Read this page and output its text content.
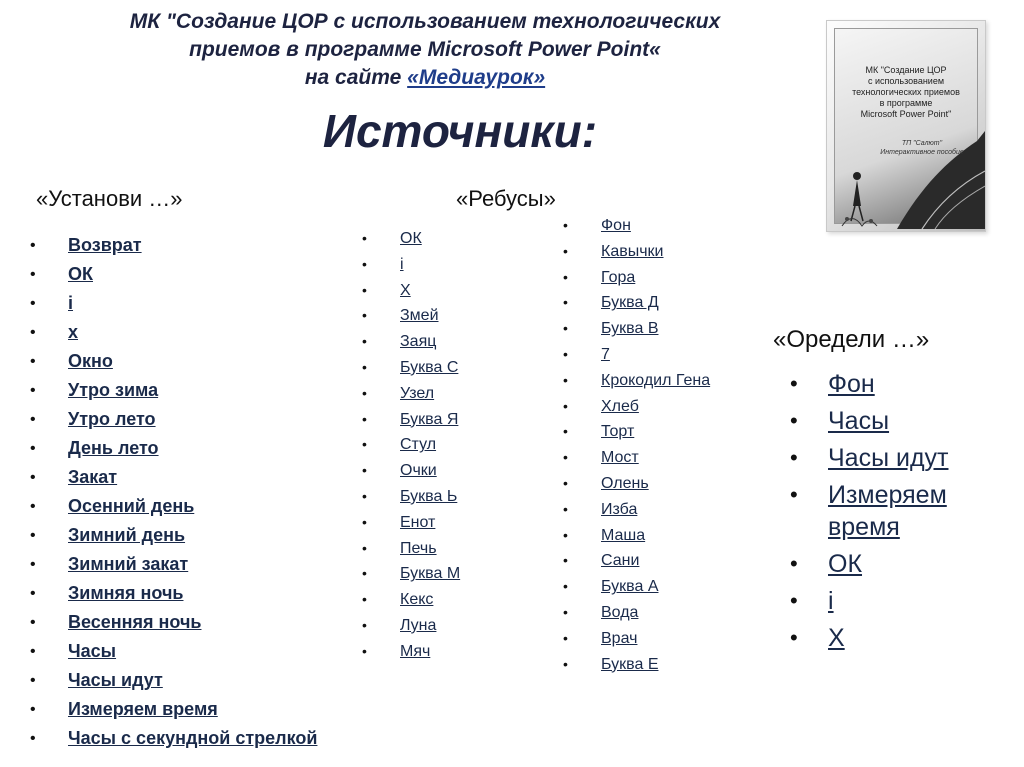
МК "Создание ЦОР с использованием технологических
приемов в программе Microsoft Power Point«
на сайте «Медиаурок»
Источники:
МК "Создание ЦОР
с использованием
технологических приемов
в программе
Microsoft Power Point"
ТП "Салют"
Интерактивное пособие
«Установи …»	«Ребусы»
«Оредели …»
• Возврат
• ОК
• i
• x
• Окно
• Утро зима
• Утро лето
• День лето
• Закат
• Осенний день
• Зимний день
• Зимний закат
• Зимняя ночь
• Весенняя ночь
• Часы
• Часы идут
• Измеряем время
• Часы с секундной стрелкой
• ОК
• i
• Х
• Змей
• Заяц
• Буква С
• Узел
• Буква Я
• Стул
• Очки
• Буква Ь
• Енот
• Печь
• Буква М
• Кекс
• Луна
• Мяч
• Фон
• Кавычки
• Гора
• Буква Д
• Буква В
• 7
• Крокодил Гена
• Хлеб
• Торт
• Мост
• Олень
• Изба
• Маша
• Сани
• Буква А
• Вода
• Врач
• Буква Е
• Фон
• Часы
• Часы идут
• Измеряем время
• ОК
• i
• Х
